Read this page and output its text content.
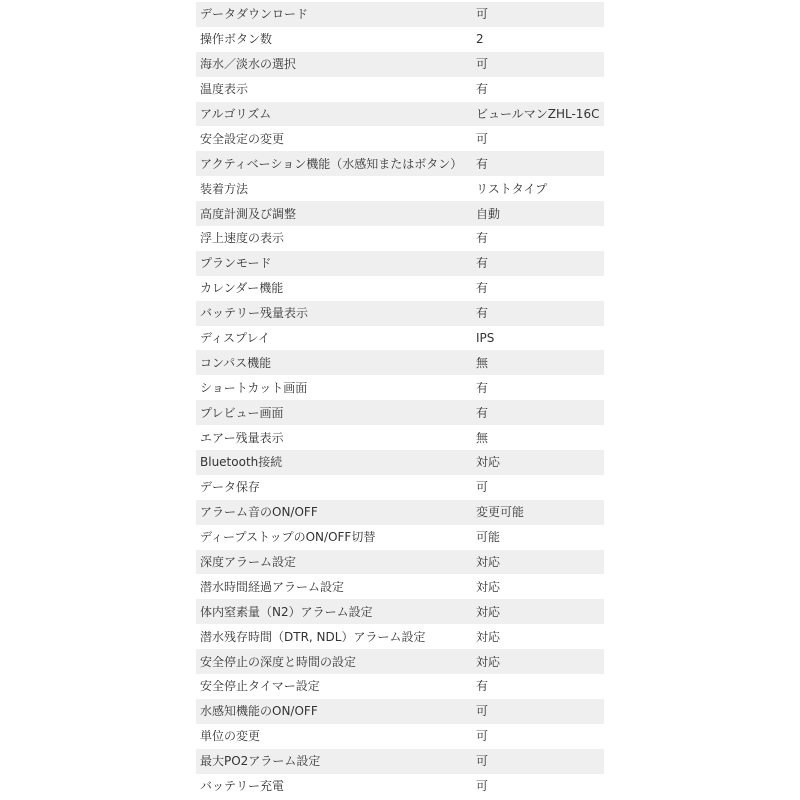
データダウンロード	可
操作ボタン数	2
海水／淡水の選択	可
温度表示	有
アルゴリズム	ビュールマンZHL-16C
安全設定の変更	可
アクティベーション機能（水感知またはボタン）	有
装着方法	リストタイプ
高度計測及び調整	自動
浮上速度の表示	有
プランモード	有
カレンダー機能	有
バッテリー残量表示	有
ディスプレイ	IPS
コンパス機能	無
ショートカット画面	有
プレビュー画面	有
エアー残量表示	無
Bluetooth接続	対応
データ保存	可
アラーム音のON/OFF	変更可能
ディープストップのON/OFF切替	可能
深度アラーム設定	対応
潜水時間経過アラーム設定	対応
体内窒素量（N2）アラーム設定	対応
潜水残存時間（DTR, NDL）アラーム設定	対応
安全停止の深度と時間の設定	対応
安全停止タイマー設定	有
水感知機能のON/OFF	可
単位の変更	可
最大PO2アラーム設定	可
バッテリー充電	可
